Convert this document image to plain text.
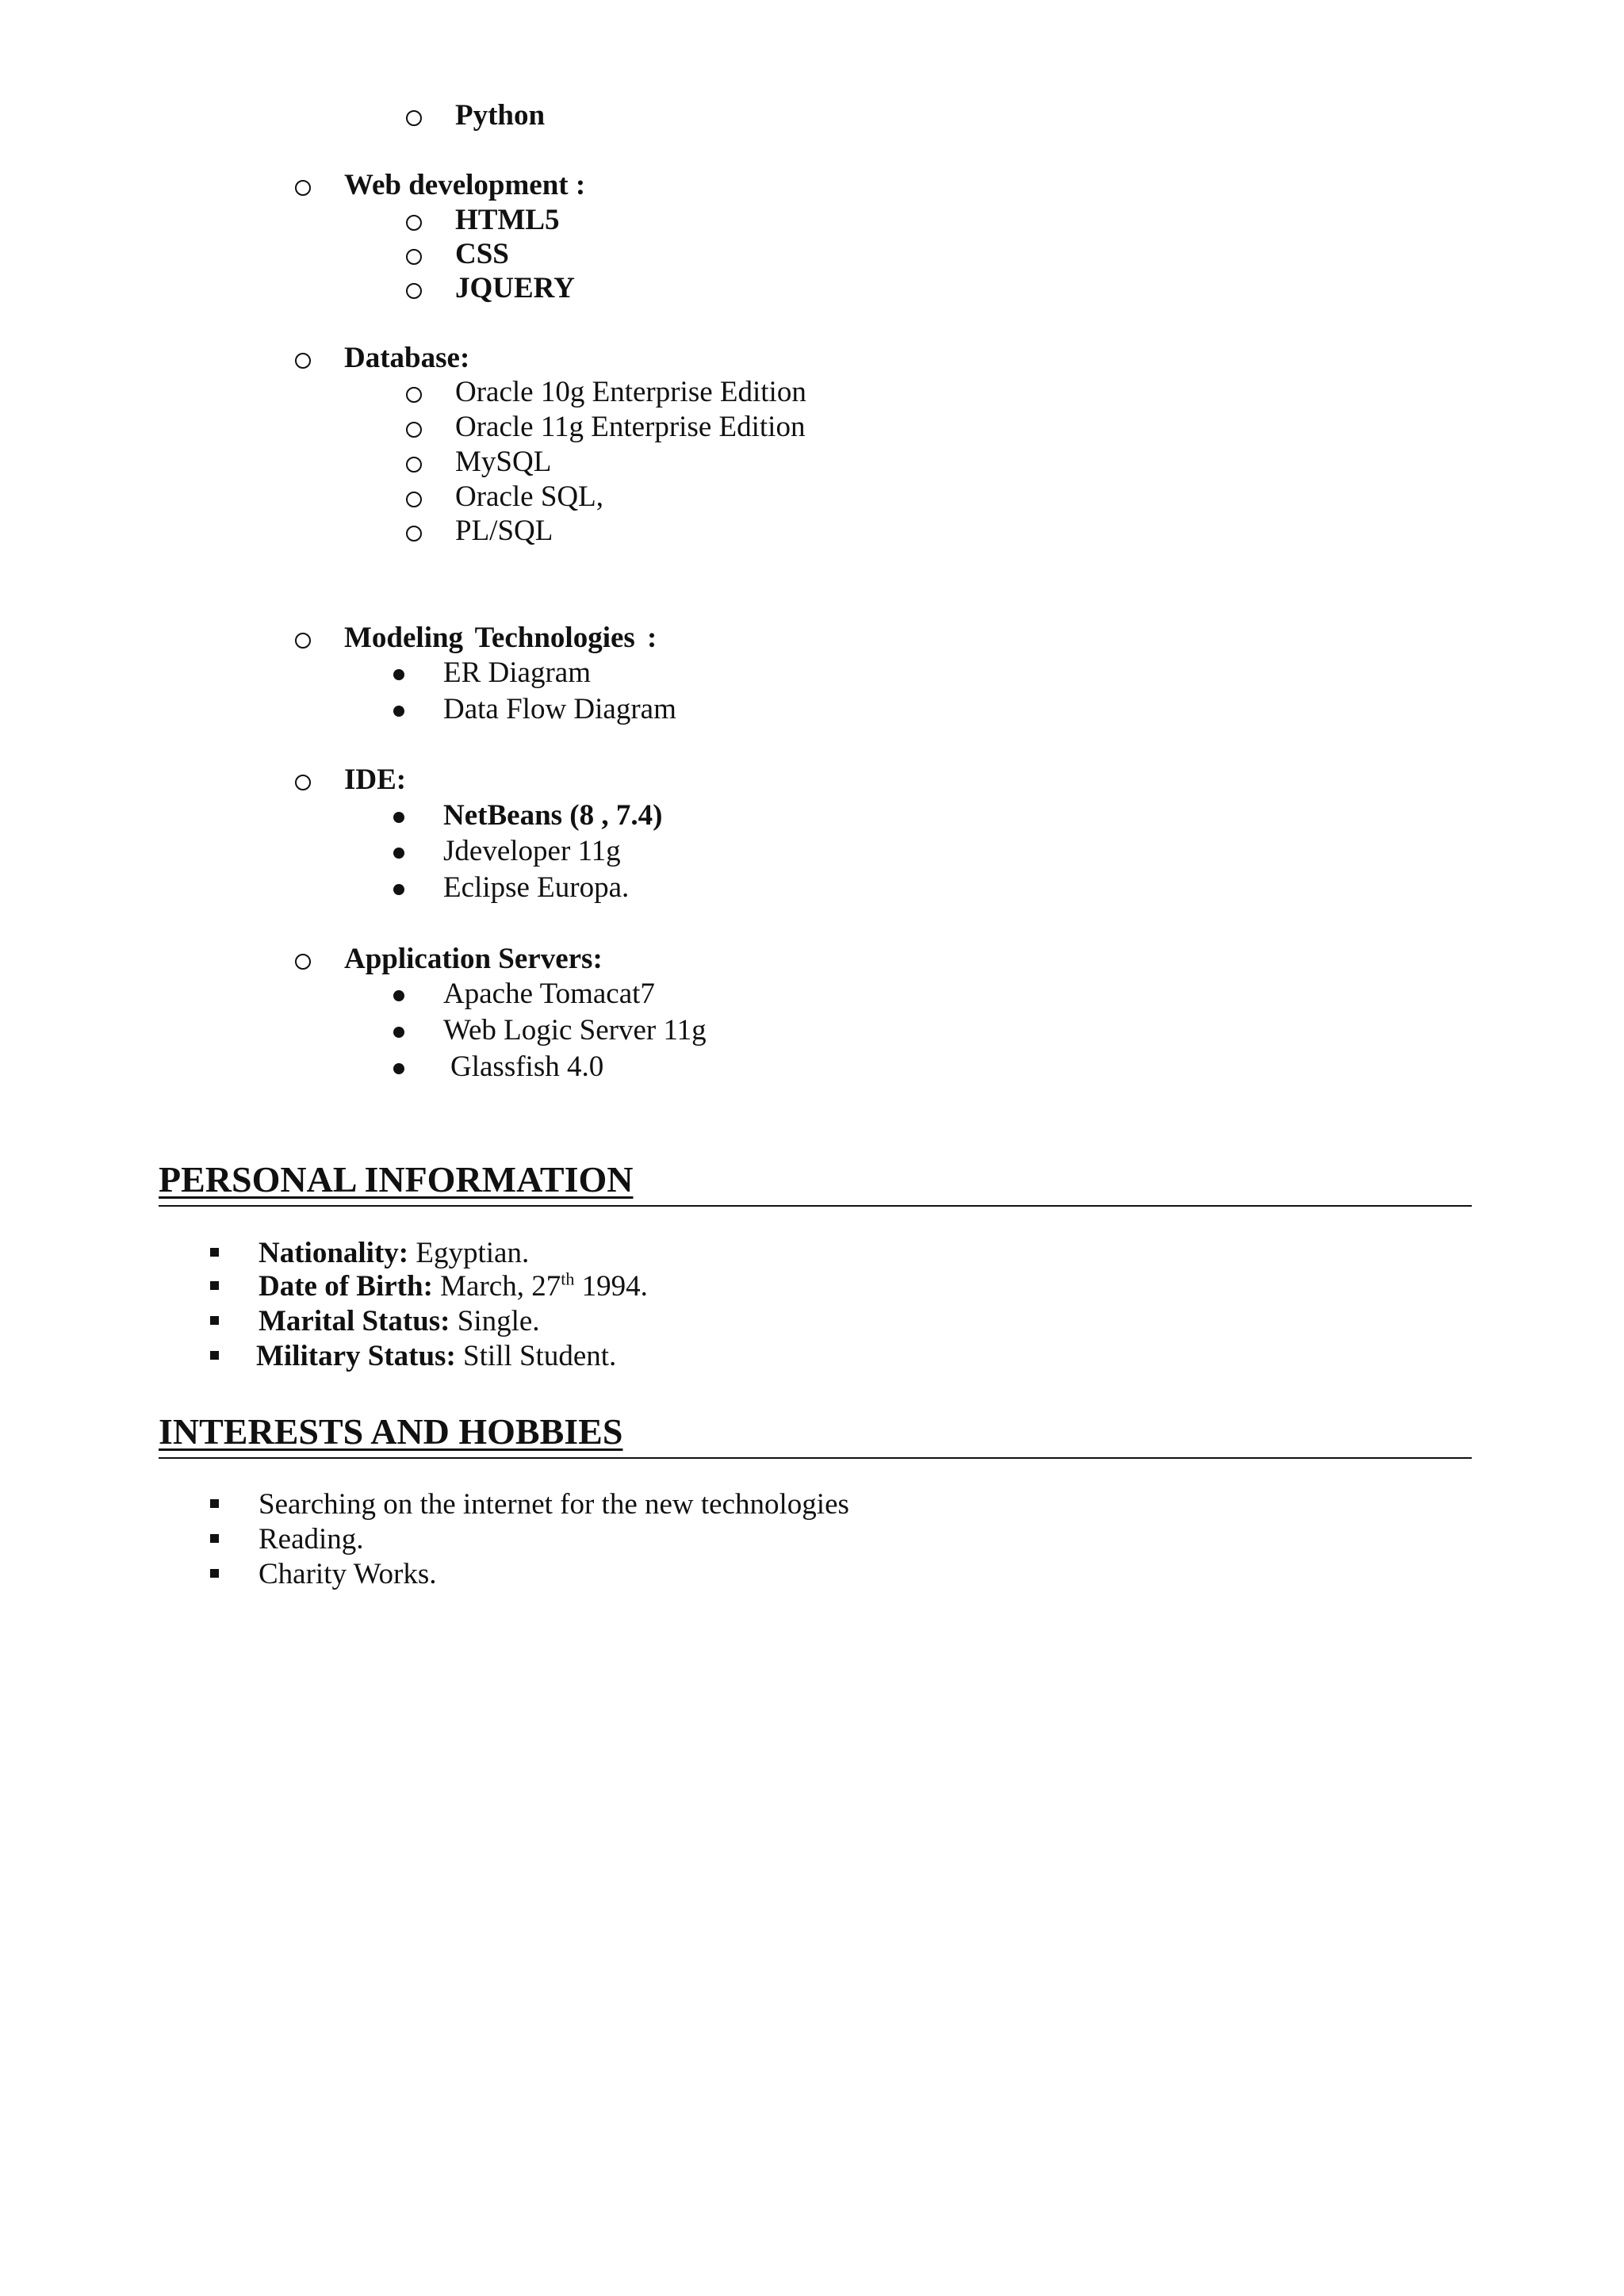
Python
Web development :
HTML5
CSS
JQUERY
Database:
Oracle 10g Enterprise Edition
Oracle 11g Enterprise Edition
MySQL
Oracle SQL,
PL/SQL
Modeling Technologies :
ER Diagram
Data Flow Diagram
IDE:
NetBeans (8 , 7.4)
Jdeveloper 11g
Eclipse Europa.
Application Servers:
Apache Tomacat7
Web Logic Server 11g
Glassfish 4.0
PERSONAL INFORMATION
Nationality: Egyptian.
Date of Birth: March, 27th 1994.
Marital Status: Single.
Military Status: Still Student.
INTERESTS AND HOBBIES
Searching on the internet for the new technologies
Reading.
Charity Works.
